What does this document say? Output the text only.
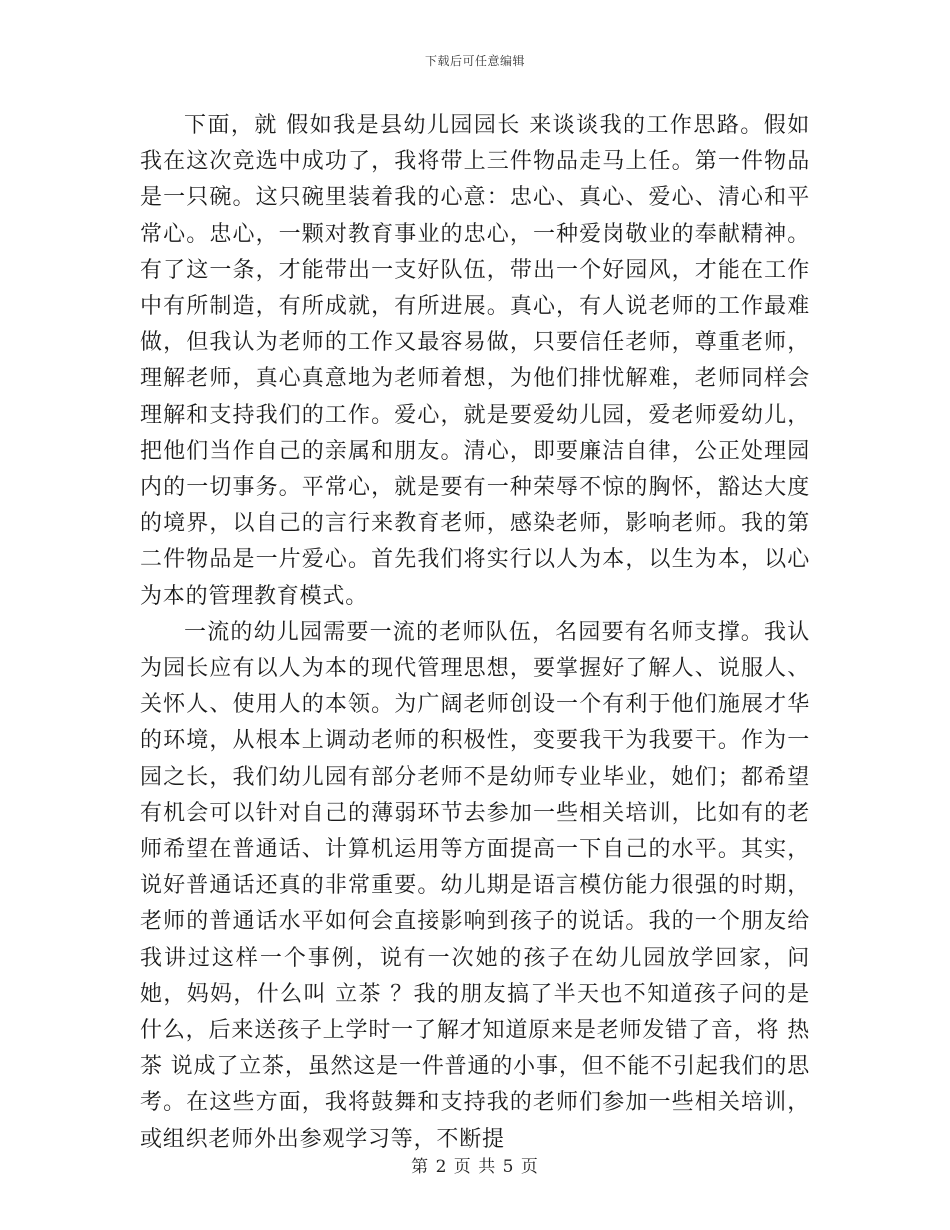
下载后可任意编辑

下面，就 假如我是县幼儿园园长 来谈谈我的工作思路。假如我在这次竞选中成功了，我将带上三件物品走马上任。第一件物品是一只碗。这只碗里装着我的心意：忠心、真心、爱心、清心和平常心。忠心，一颗对教育事业的忠心，一种爱岗敬业的奉献精神。有了这一条，才能带出一支好队伍，带出一个好园风，才能在工作中有所制造，有所成就，有所进展。真心，有人说老师的工作最难做，但我认为老师的工作又最容易做，只要信任老师，尊重老师，理解老师，真心真意地为老师着想，为他们排忧解难，老师同样会理解和支持我们的工作。爱心，就是要爱幼儿园，爱老师爱幼儿，把他们当作自己的亲属和朋友。清心，即要廉洁自律，公正处理园内的一切事务。平常心，就是要有一种荣辱不惊的胸怀，豁达大度的境界，以自己的言行来教育老师，感染老师，影响老师。我的第二件物品是一片爱心。首先我们将实行以人为本，以生为本，以心为本的管理教育模式。

一流的幼儿园需要一流的老师队伍，名园要有名师支撑。我认为园长应有以人为本的现代管理思想，要掌握好了解人、说服人、关怀人、使用人的本领。为广阔老师创设一个有利于他们施展才华的环境，从根本上调动老师的积极性，变要我干为我要干。作为一园之长，我们幼儿园有部分老师不是幼师专业毕业，她们；都希望有机会可以针对自己的薄弱环节去参加一些相关培训，比如有的老师希望在普通话、计算机运用等方面提高一下自己的水平。其实，说好普通话还真的非常重要。幼儿期是语言模仿能力很强的时期，老师的普通话水平如何会直接影响到孩子的说话。我的一个朋友给我讲过这样一个事例，说有一次她的孩子在幼儿园放学回家，问她，妈妈，什么叫 立茶 ？我的朋友搞了半天也不知道孩子问的是什么，后来送孩子上学时一了解才知道原来是老师发错了音，将 热茶 说成了立茶，虽然这是一件普通的小事，但不能不引起我们的思考。在这些方面，我将鼓舞和支持我的老师们参加一些相关培训，或组织老师外出参观学习等，不断提

第 2 页 共 5 页
